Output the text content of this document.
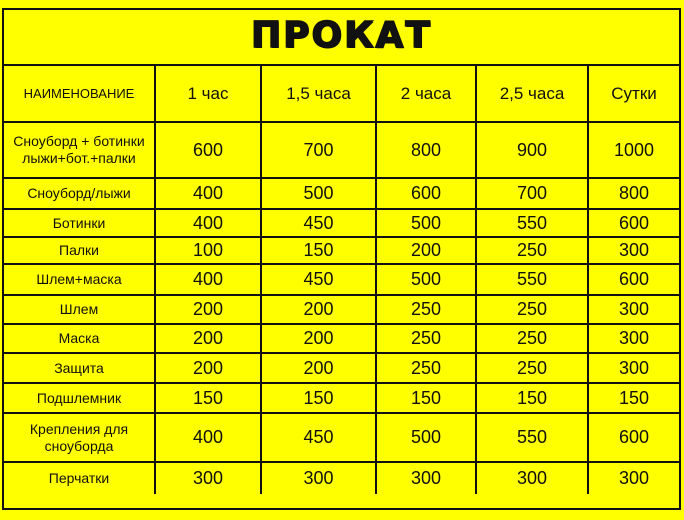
ПРОКАТ
НАИМЕНОВАНИЕ	1 час	1,5 часа	2 часа	2,5 часа	Сутки

Сноуборд + ботинки
лыжи+бот.+палки	600	700	800	900	1000
Сноуборд/лыжи	400	500	600	700	800
Ботинки	400	450	500	550	600
Палки	100	150	200	250	300
Шлем+маска	400	450	500	550	600
Шлем	200	200	250	250	300
Маска	200	200	250	250	300
Защита	200	200	250	250	300
Подшлемник	150	150	150	150	150

Крепления для
сноуборда	400	450	500	550	600
Перчатки	300	300	300	300	300
